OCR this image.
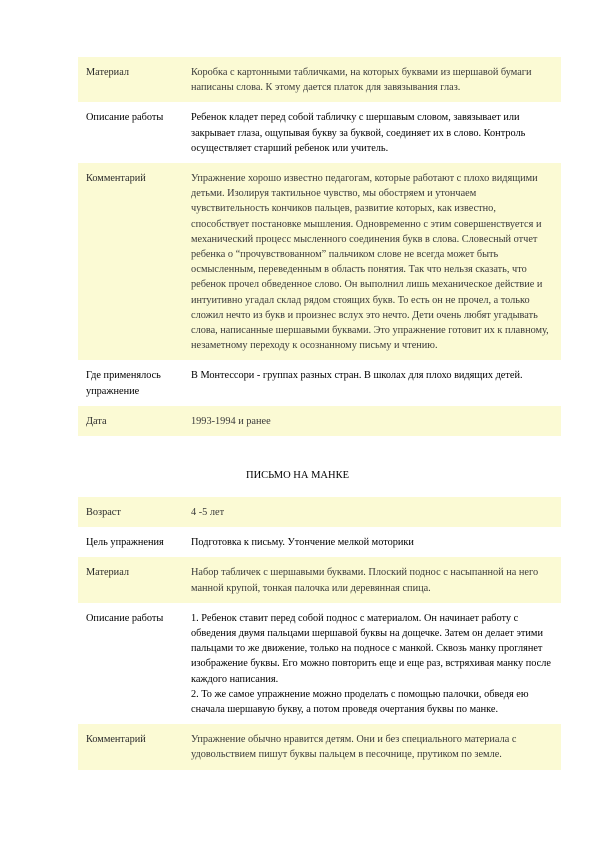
Материал	Коробка с картонными табличками, на которых буквами из шершавой бумаги написаны слова. К этому дается платок для завязывания глаз.
Описание работы	Ребенок кладет перед собой табличку с шершавым словом, завязывает или закрывает глаза, ощупывая букву за буквой, соединяет их в слово. Контроль осуществляет старший ребенок или учитель.
Комментарий	Упражнение хорошо известно педагогам, которые работают с плохо видящими детьми. Изолируя тактильное чувство, мы обостряем и утончаем чувствительность кончиков пальцев, развитие которых, как известно, способствует постановке мышления. Одновременно с этим совершенствуется и механический процесс мысленного соединения букв в слова. Словесный отчет ребенка о “прочувствованном” пальчиком слове не всегда может быть осмысленным, переведенным в область понятия. Так что нельзя сказать, что ребенок прочел обведенное слово. Он выполнил лишь механическое действие и интуитивно угадал склад рядом стоящих букв. То есть он не прочел, а только сложил нечто из букв и произнес вслух это нечто. Дети очень любят угадывать слова, написанные шершавыми буквами. Это упражнение готовит их к плавному, незаметному переходу к осознанному письму и чтению.
Где применялось упражнение	В Монтессори - группах разных стран. В школах для плохо видящих детей.
Дата	1993-1994 и ранее
ПИСЬМО НА МАНКЕ
Возраст	4 -5 лет
Цель упражнения	Подготовка к письму. Утончение мелкой моторики
Материал	Набор табличек с шершавыми буквами. Плоский поднос с насыпанной на него манной крупой, тонкая палочка или деревянная спица.
Описание работы	1. Ребенок ставит перед собой поднос с материалом. Он начинает работу с обведения двумя пальцами шершавой буквы на дощечке. Затем он делает этими пальцами то же движение, только на подносе с манкой. Сквозь манку проглянет изображение буквы. Его можно повторить еще и еще раз, встряхивая манку после каждого написания.

2. То же самое упражнение можно проделать с помощью палочки, обведя ею сначала шершавую букву, а потом проведя очертания буквы по манке.

Комментарий	Упражнение обычно нравится детям. Они и без специального материала с удовольствием пишут буквы пальцем в песочнице, прутиком по земле.
